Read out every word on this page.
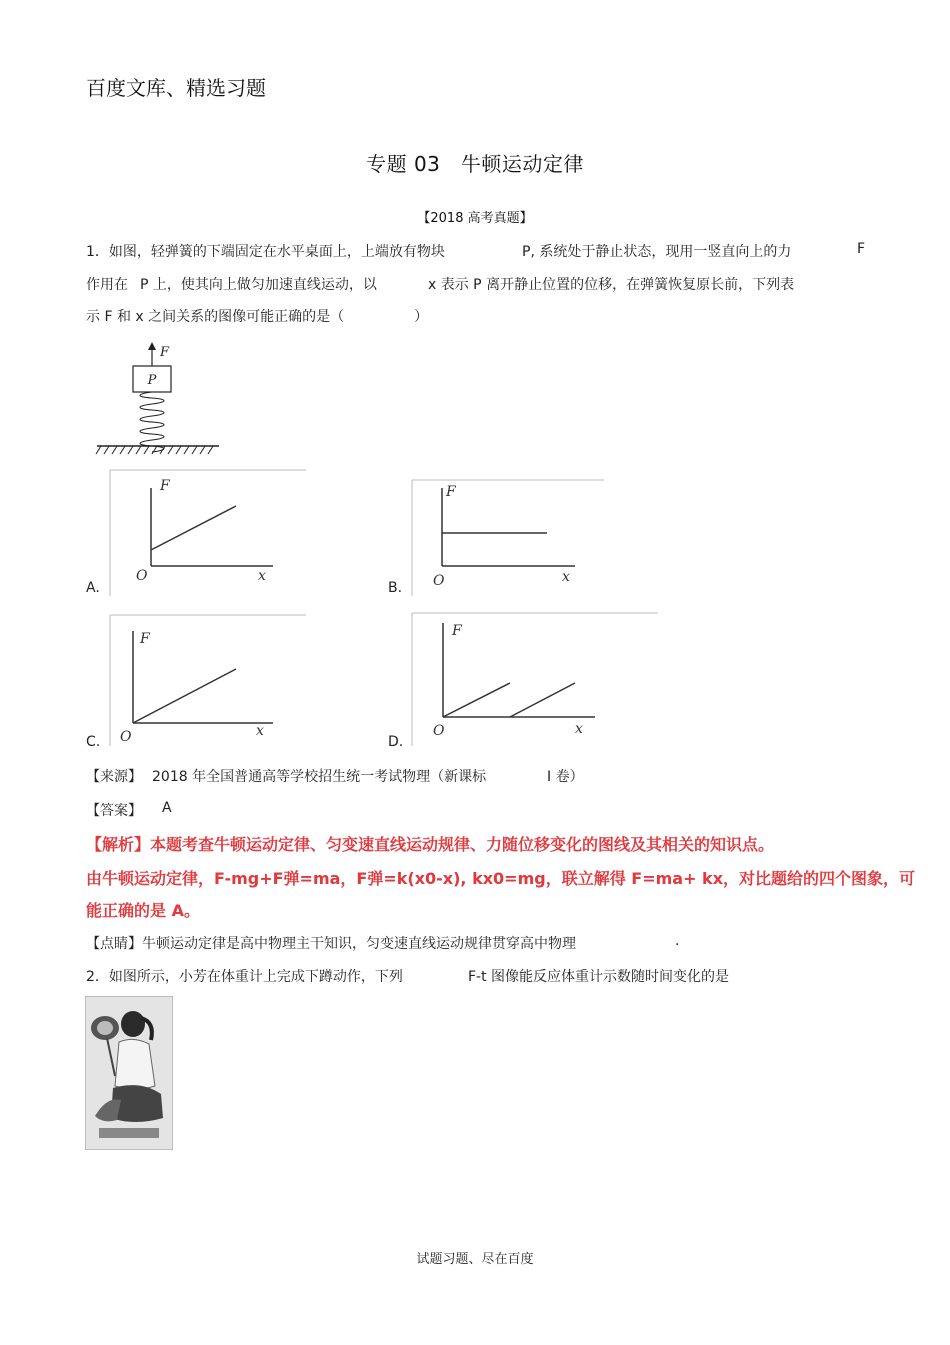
百度文库、精选习题
专题 03　牛顿运动定律
【2018 高考真题】
1．如图，轻弹簧的下端固定在水平桌面上，上端放有物块	P, 系统处于静止状态，现用一竖直向上的力	F
作用在 P 上，使其向上做匀加速直线运动，以	x 表示 P 离开静止位置的位移，在弹簧恢复原长前，下列表
示 F 和 x 之间关系的图像可能正确的是（　　　　　）
F
P
A.
F
x
O
B.
F
x
O
C.
F
x
O	D.
F
x
O
【来源】 2018 年全国普通高等学校招生统一考试物理（新课标	I 卷）
【答案】 A
【解析】本题考查牛顿运动定律、匀变速直线运动规律、力随位移变化的图线及其相关的知识点。
由牛顿运动定律，F-mg+F弹=ma，F弹=k(x0-x), kx0=mg，联立解得 F=ma+ kx，对比题给的四个图象，可
能正确的是 A。
【点睛】牛顿运动定律是高中物理主干知识，匀变速直线运动规律贯穿高中物理	.
2．如图所示，小芳在体重计上完成下蹲动作，下列	F-t 图像能反应体重计示数随时间变化的是
试题习题、尽在百度
